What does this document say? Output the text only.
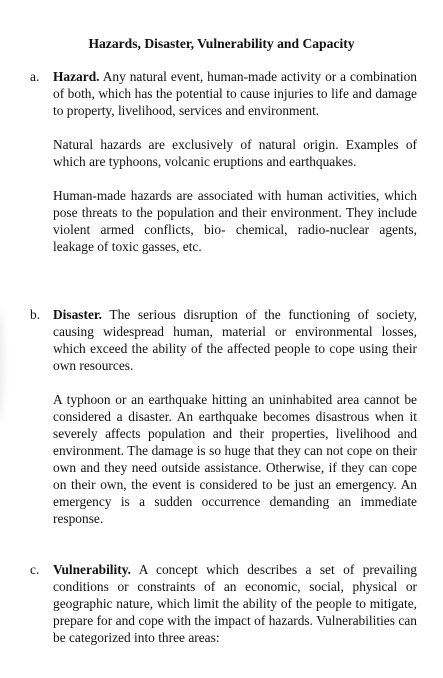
Hazards, Disaster, Vulnerability and Capacity
a. Hazard. Any natural event, human-made activity or a combination of both, which has the potential to cause injuries to life and damage to property, livelihood, services and environment.

Natural hazards are exclusively of natural origin. Examples of which are typhoons, volcanic eruptions and earthquakes.

Human-made hazards are associated with human activities, which pose threats to the population and their environment. They include violent armed conflicts, bio- chemical, radio-nuclear agents, leakage of toxic gasses, etc.

b. Disaster. The serious disruption of the functioning of society, causing widespread human, material or environmental losses, which exceed the ability of the affected people to cope using their own resources.

A typhoon or an earthquake hitting an uninhabited area cannot be considered a disaster. An earthquake becomes disastrous when it severely affects population and their properties, livelihood and environment. The damage is so huge that they can not cope on their own and they need outside assistance. Otherwise, if they can cope on their own, the event is considered to be just an emergency. An emergency is a sudden occurrence demanding an immediate response.

c. Vulnerability. A concept which describes a set of prevailing conditions or constraints of an economic, social, physical or geographic nature, which limit the ability of the people to mitigate, prepare for and cope with the impact of hazards. Vulnerabilities can be categorized into three areas:
